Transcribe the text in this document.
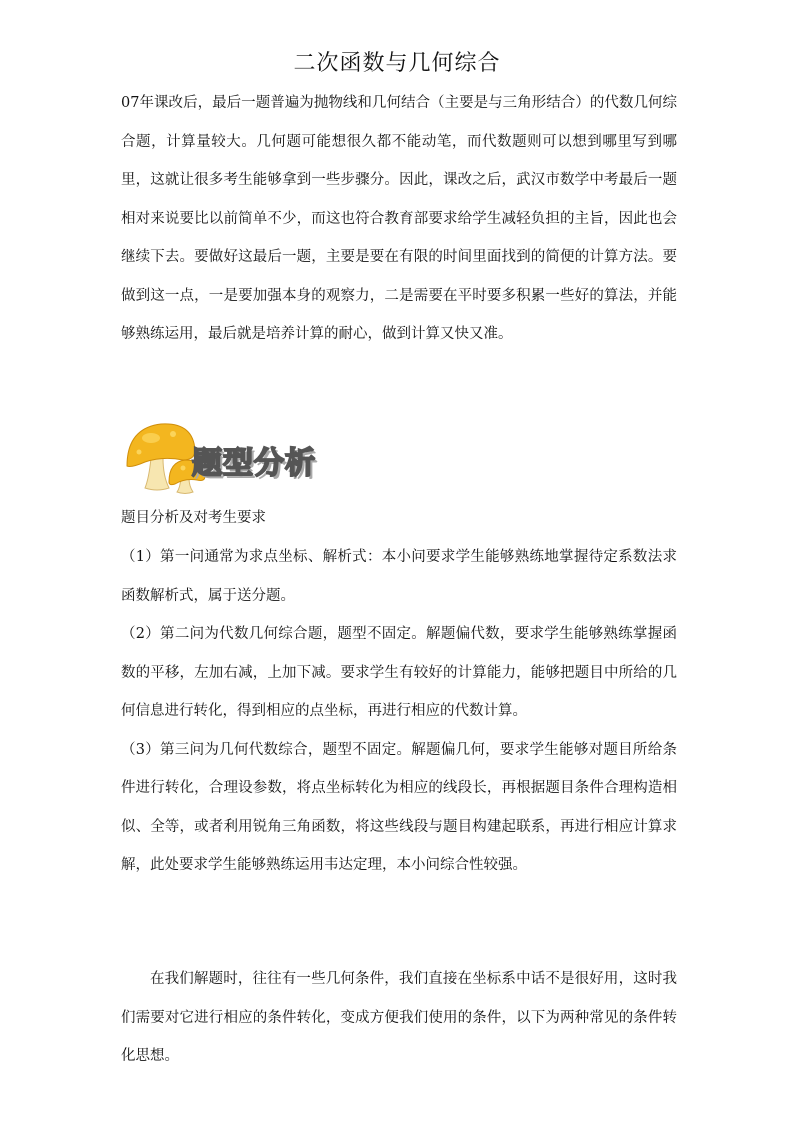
二次函数与几何综合

07年课改后，最后一题普遍为抛物线和几何结合（主要是与三角形结合）的代数几何综合题，计算量较大。几何题可能想很久都不能动笔，而代数题则可以想到哪里写到哪里，这就让很多考生能够拿到一些步骤分。因此，课改之后，武汉市数学中考最后一题相对来说要比以前简单不少，而这也符合教育部要求给学生减轻负担的主旨，因此也会继续下去。要做好这最后一题，主要是要在有限的时间里面找到的简便的计算方法。要做到这一点，一是要加强本身的观察力，二是需要在平时要多积累一些好的算法，并能够熟练运用，最后就是培养计算的耐心，做到计算又快又准。

题型分析

题目分析及对考生要求

（1）第一问通常为求点坐标、解析式：本小问要求学生能够熟练地掌握待定系数法求函数解析式，属于送分题。

（2）第二问为代数几何综合题，题型不固定。解题偏代数，要求学生能够熟练掌握函数的平移，左加右减，上加下减。要求学生有较好的计算能力，能够把题目中所给的几何信息进行转化，得到相应的点坐标，再进行相应的代数计算。

（3）第三问为几何代数综合，题型不固定。解题偏几何，要求学生能够对题目所给条件进行转化，合理设参数，将点坐标转化为相应的线段长，再根据题目条件合理构造相似、全等，或者利用锐角三角函数，将这些线段与题目构建起联系，再进行相应计算求解，此处要求学生能够熟练运用韦达定理，本小问综合性较强。

在我们解题时，往往有一些几何条件，我们直接在坐标系中话不是很好用，这时我们需要对它进行相应的条件转化，变成方便我们使用的条件，以下为两种常见的条件转化思想。
